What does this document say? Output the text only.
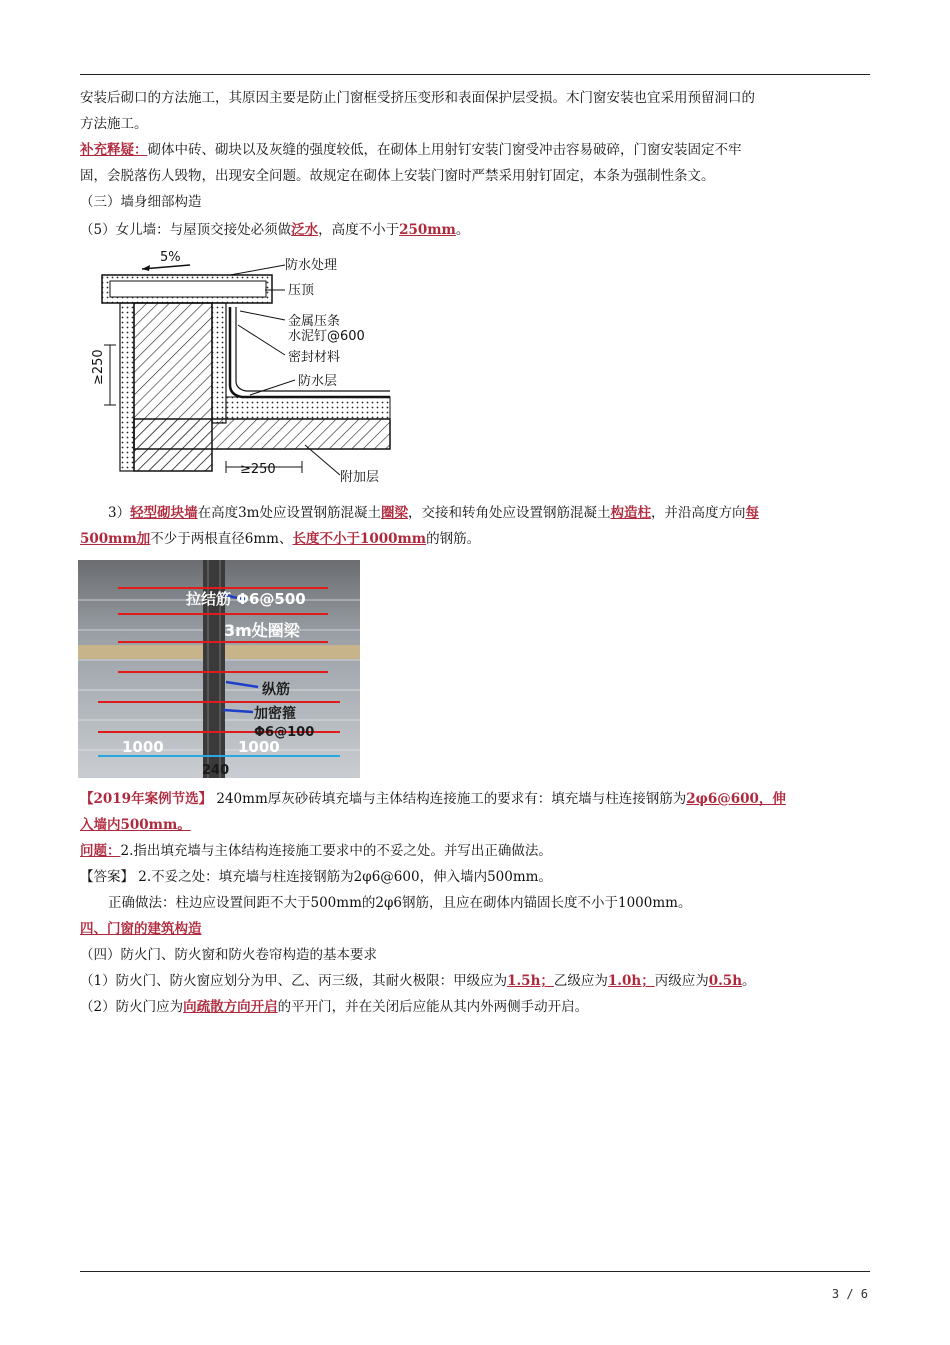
安装后砌口的方法施工，其原因主要是防止门窗框受挤压变形和表面保护层受损。木门窗安装也宜采用预留洞口的
方法施工。
补充释疑：砌体中砖、砌块以及灰缝的强度较低，在砌体上用射钉安装门窗受冲击容易破碎，门窗安装固定不牢
固，会脱落伤人毁物，出现安全问题。故规定在砌体上安装门窗时严禁采用射钉固定，本条为强制性条文。
（三）墙身细部构造
（5）女儿墙：与屋顶交接处必须做泛水，高度不小于250mm。
5%
≥250
≥250
防水处理
压顶
金属压条
水泥钉@600
密封材料
防水层
附加层
3）轻型砌块墙在高度3m处应设置钢筋混凝土圈梁，交接和转角处应设置钢筋混凝土构造柱，并沿高度方向每
500mm加不少于两根直径6mm、长度不小于1000mm的钢筋。
拉结筋 Φ6@500
3m处圈梁
纵筋
加密箍
Φ6@100
1000	1000
240
【2019年案例节选】 240mm厚灰砂砖填充墙与主体结构连接施工的要求有：填充墙与柱连接钢筋为2φ6@600，伸
入墙内500mm。
问题：2.指出填充墙与主体结构连接施工要求中的不妥之处。并写出正确做法。
【答案】 2.不妥之处：填充墙与柱连接钢筋为2φ6@600，伸入墙内500mm。
正确做法：柱边应设置间距不大于500mm的2φ6钢筋，且应在砌体内锚固长度不小于1000mm。
四、门窗的建筑构造
（四）防火门、防火窗和防火卷帘构造的基本要求
（1）防火门、防火窗应划分为甲、乙、丙三级，其耐火极限：甲级应为1.5h；乙级应为1.0h；丙级应为0.5h。
（2）防火门应为向疏散方向开启的平开门，并在关闭后应能从其内外两侧手动开启。
3 / 6
